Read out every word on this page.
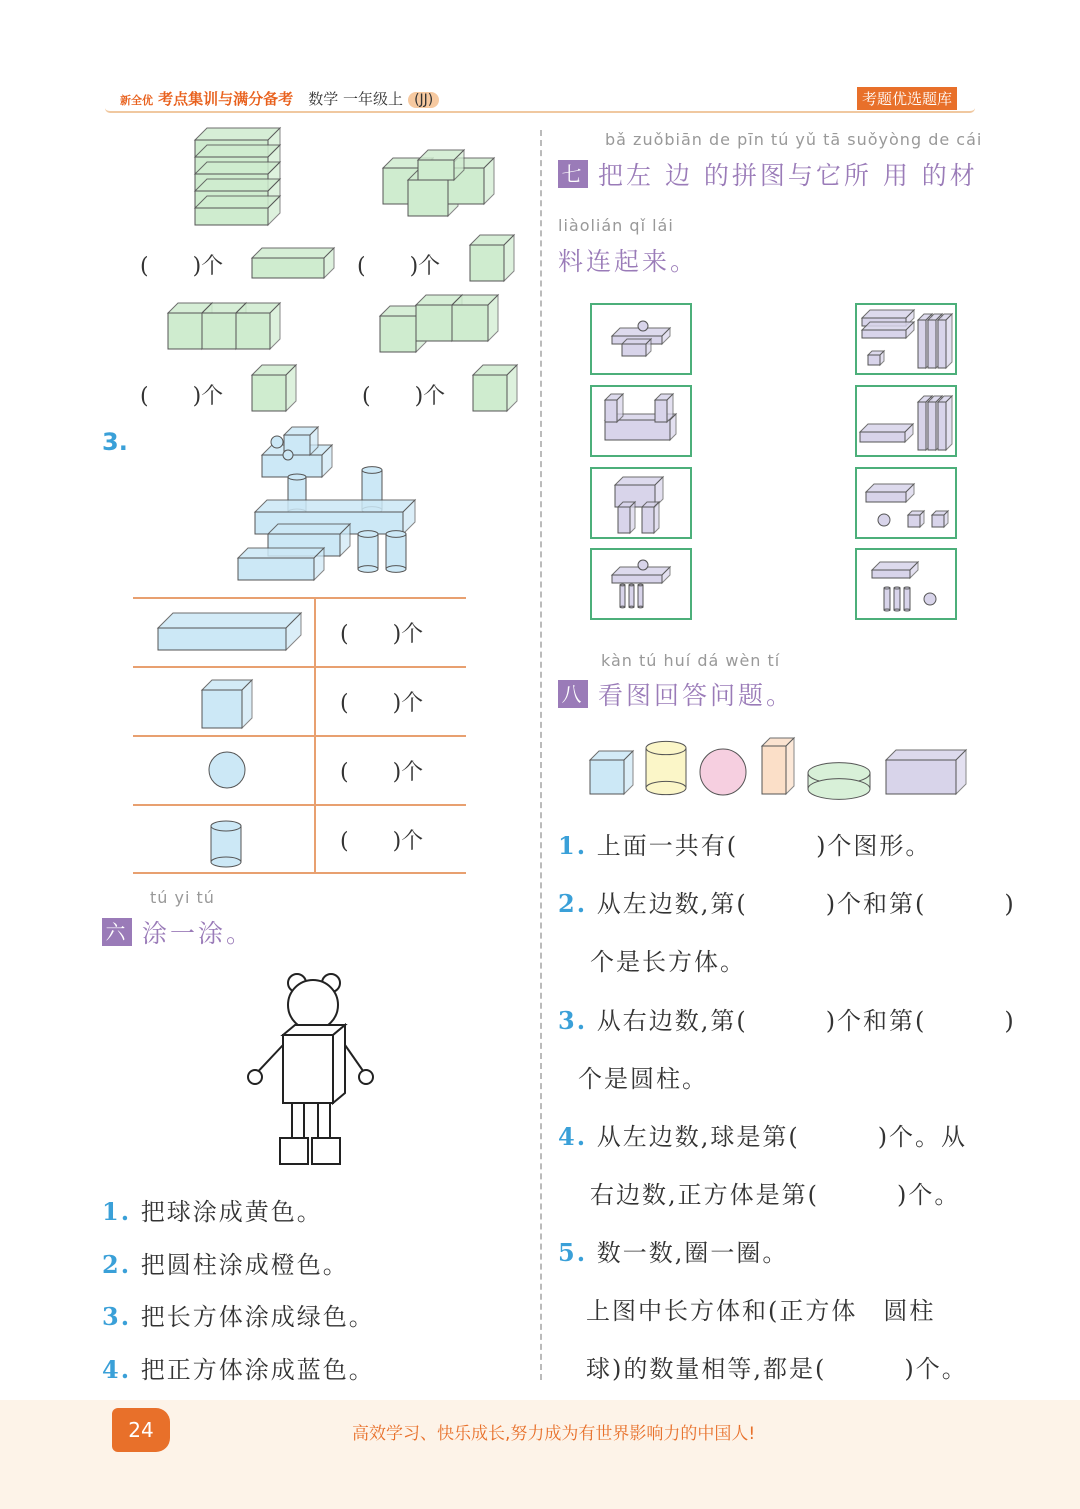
新全优 考点集训与满分备考 数学 一年级上 (JJ)	考题优选题库
(　　)个	(　　)个
(　　)个	(　　)个
3.
(　　)个
(　　)个
(　　)个
(　　)个
tú yi tú
六 涂一涂。
1. 把球涂成黄色。
2. 把圆柱涂成橙色。
3. 把长方体涂成绿色。
4. 把正方体涂成蓝色。
bǎ zuǒbiān de pīn tú yǔ tā suǒyòng de cái
七 把左 边 的拼图与它所 用 的材
liàolián qǐ lái
料连起来。
kàn tú huí dá wèn tí
八 看图回答问题。
1. 上面一共有(　　　)个图形。
2. 从左边数,第(　　　)个和第(　　　)
个是长方体。
3. 从右边数,第(　　　)个和第(　　　)
个是圆柱。
4. 从左边数,球是第(　　　)个。从
右边数,正方体是第(　　　)个。
5. 数一数,圈一圈。
上图中长方体和(正方体　圆柱
球)的数量相等,都是(　　　)个。
24	高效学习、快乐成长,努力成为有世界影响力的中国人!
